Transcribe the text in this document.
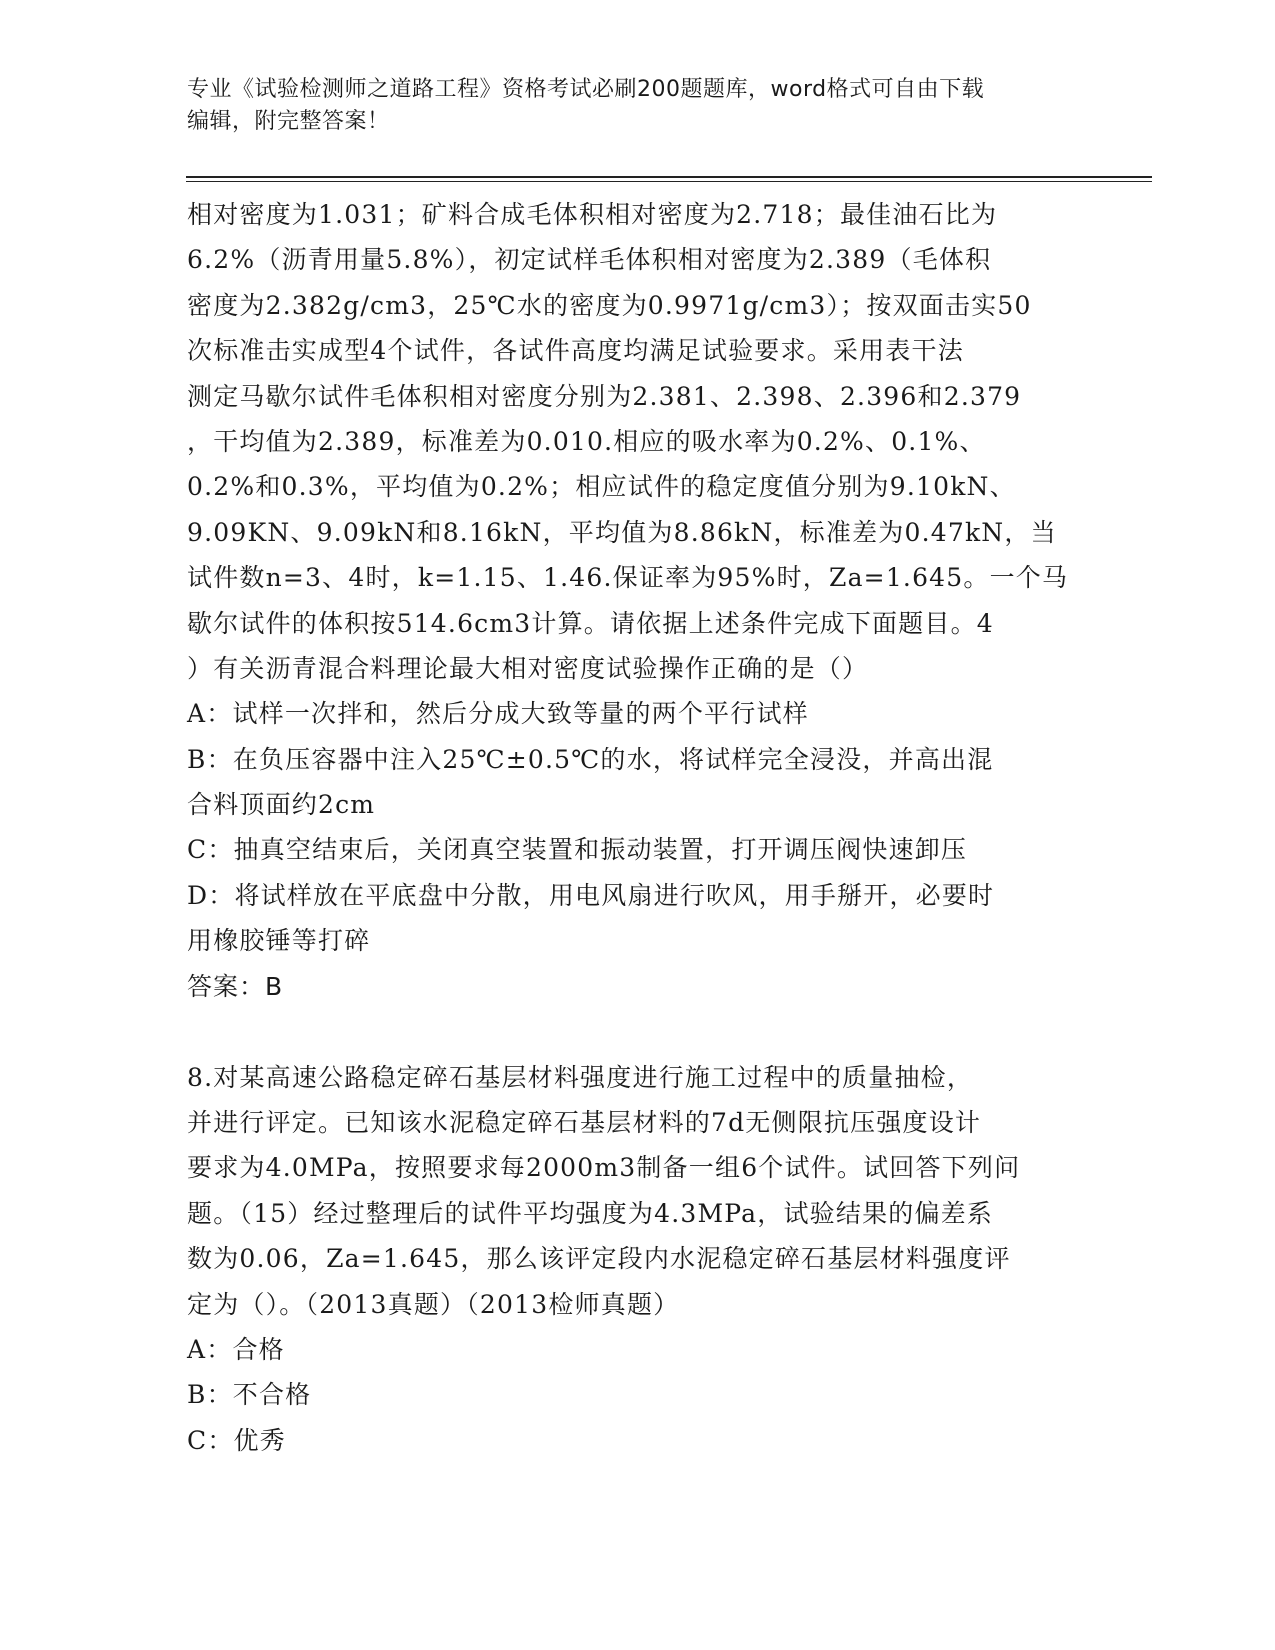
专业《试验检测师之道路工程》资格考试必刷200题题库，word格式可自由下载
编辑，附完整答案！
相对密度为1.031；矿料合成毛体积相对密度为2.718；最佳油石比为
6.2%（沥青用量5.8%），初定试样毛体积相对密度为2.389（毛体积
密度为2.382g/cm3，25℃水的密度为0.9971g/cm3）；按双面击实50
次标准击实成型4个试件，各试件高度均满足试验要求。采用表干法
测定马歇尔试件毛体积相对密度分别为2.381、2.398、2.396和2.379
，干均值为2.389，标准差为0.010.相应的吸水率为0.2%、0.1%、
0.2%和0.3%，平均值为0.2%；相应试件的稳定度值分别为9.10kN、
9.09KN、9.09kN和8.16kN，平均值为8.86kN，标准差为0.47kN，当
试件数n=3、4时，k=1.15、1.46.保证率为95%时，Za=1.645。一个马
歇尔试件的体积按514.6cm3计算。请依据上述条件完成下面题目。4
）有关沥青混合料理论最大相对密度试验操作正确的是（）
A：试样一次拌和，然后分成大致等量的两个平行试样
B：在负压容器中注入25℃±0.5℃的水，将试样完全浸没，并高出混
合料顶面约2cm
C：抽真空结束后，关闭真空装置和振动装置，打开调压阀快速卸压
D：将试样放在平底盘中分散，用电风扇进行吹风，用手掰开，必要时
用橡胶锤等打碎
答案：B
8.对某高速公路稳定碎石基层材料强度进行施工过程中的质量抽检，
并进行评定。已知该水泥稳定碎石基层材料的7d无侧限抗压强度设计
要求为4.0MPa，按照要求每2000m3制备一组6个试件。试回答下列问
题。（15）经过整理后的试件平均强度为4.3MPa，试验结果的偏差系
数为0.06，Za=1.645，那么该评定段内水泥稳定碎石基层材料强度评
定为（）。（2013真题）（2013检师真题）
A：合格
B：不合格
C：优秀
